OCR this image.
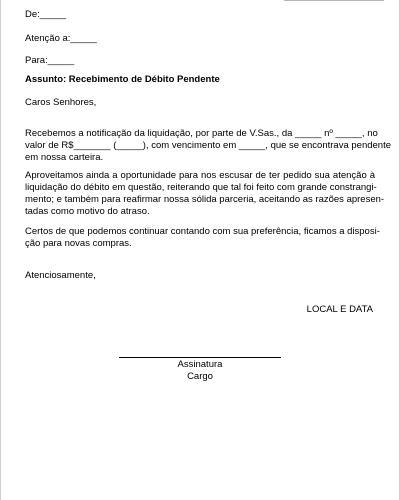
De:_____
Atenção a:_____
Para:_____
Assunto: Recebimento de Débito Pendente
Caros Senhores,
Recebemos a notificação da liquidação, por parte de V.Sas., da _____ nº _____, no
valor de R$_______ (_____), com vencimento em _____, que se encontrava pendente
em nossa carteira.
Aproveitamos ainda a oportunidade para nos escusar de ter pedido sua atenção à
liquidação do débito em questão, reiterando que tal foi feito com grande constrangi-
mento; e também para reafirmar nossa sólida parceria, aceitando as razões apresen-
tadas como motivo do atraso.
Certos de que podemos continuar contando com sua preferência, ficamos a disposi-
ção para novas compras.
Atenciosamente,
LOCAL E DATA
Assinatura
Cargo
